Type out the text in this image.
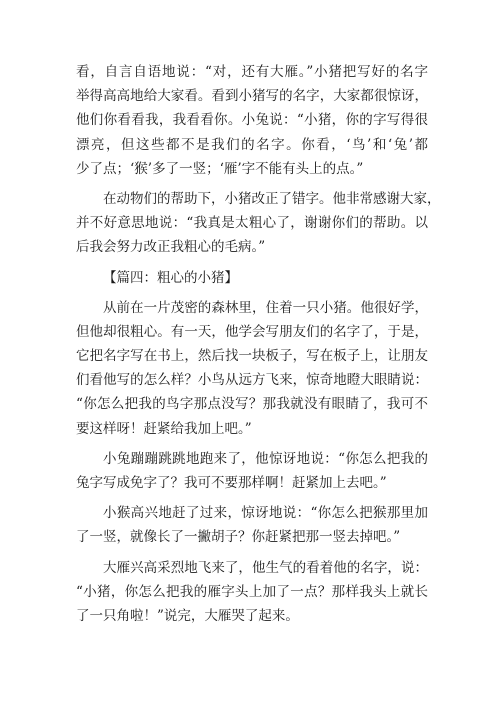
看，自言自语地说：“对，还有大雁。”小猪把写好的名字
举得高高地给大家看。看到小猪写的名字，大家都很惊讶，
他们你看看我，我看看你。小兔说：“小猪，你的字写得很
漂亮，但这些都不是我们的名字。你看，‘鸟’和‘兔’都
少了点；‘猴’多了一竖；‘雁’字不能有头上的点。”
在动物们的帮助下，小猪改正了错字。他非常感谢大家，
并不好意思地说：“我真是太粗心了，谢谢你们的帮助。以
后我会努力改正我粗心的毛病。”
【篇四：粗心的小猪】
从前在一片茂密的森林里，住着一只小猪。他很好学，
但他却很粗心。有一天，他学会写朋友们的名字了，于是，
它把名字写在书上，然后找一块板子，写在板子上，让朋友
们看他写的怎么样？小鸟从远方飞来，惊奇地瞪大眼睛说：
“你怎么把我的鸟字那点没写？那我就没有眼睛了，我可不
要这样呀！赶紧给我加上吧。”
小兔蹦蹦跳跳地跑来了，他惊讶地说：“你怎么把我的
兔字写成免字了？我可不要那样啊！赶紧加上去吧。”
小猴高兴地赶了过来，惊讶地说：“你怎么把猴那里加
了一竖，就像长了一撇胡子？你赶紧把那一竖去掉吧。”
大雁兴高采烈地飞来了，他生气的看着他的名字，说：
“小猪，你怎么把我的雁字头上加了一点？那样我头上就长
了一只角啦！”说完，大雁哭了起来。
